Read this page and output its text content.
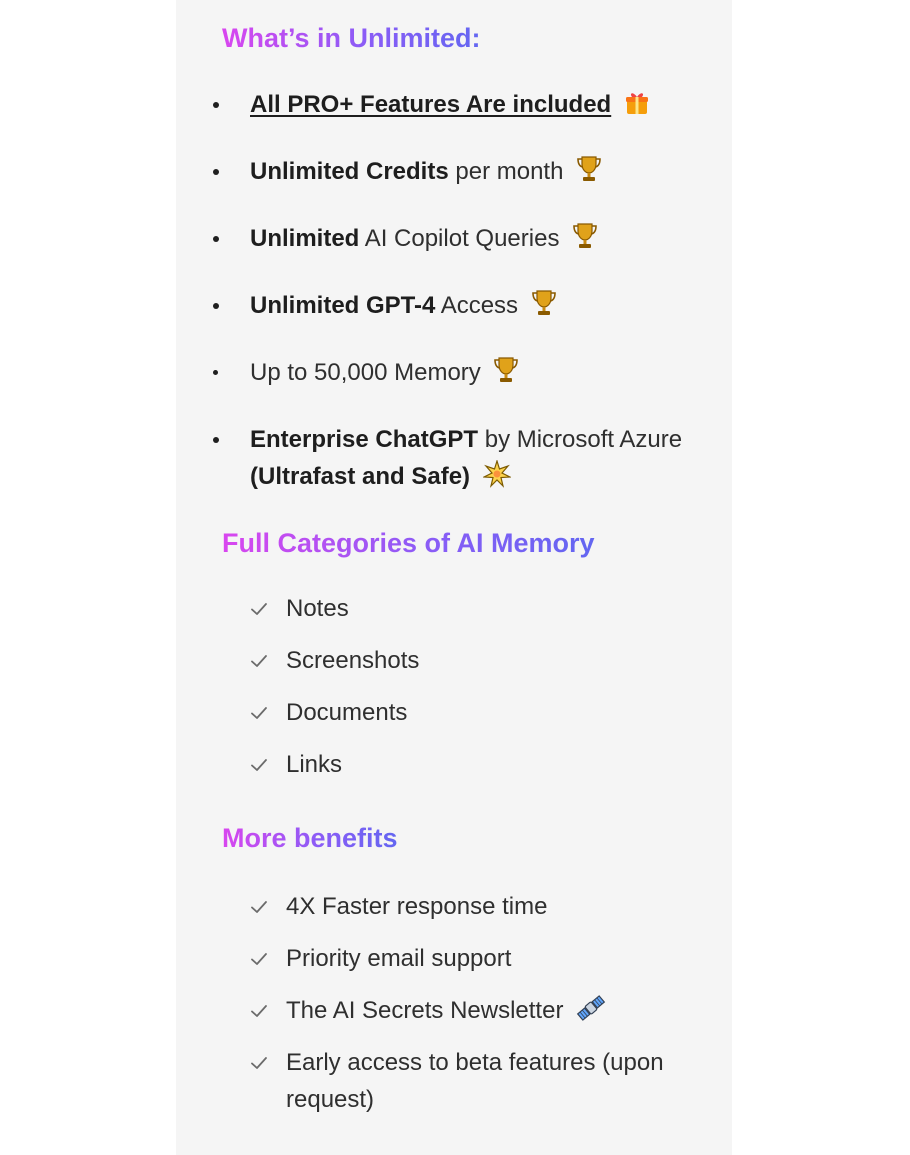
What’s in Unlimited:
All PRO+ Features Are included
Unlimited Credits per month
Unlimited AI Copilot Queries
Unlimited GPT-4 Access
Up to 50,000 Memory
Enterprise ChatGPT by Microsoft Azure (Ultrafast and Safe)
Full Categories of AI Memory
Notes
Screenshots
Documents
Links
More benefits
4X Faster response time
Priority email support
The AI Secrets Newsletter
Early access to beta features (upon request)
